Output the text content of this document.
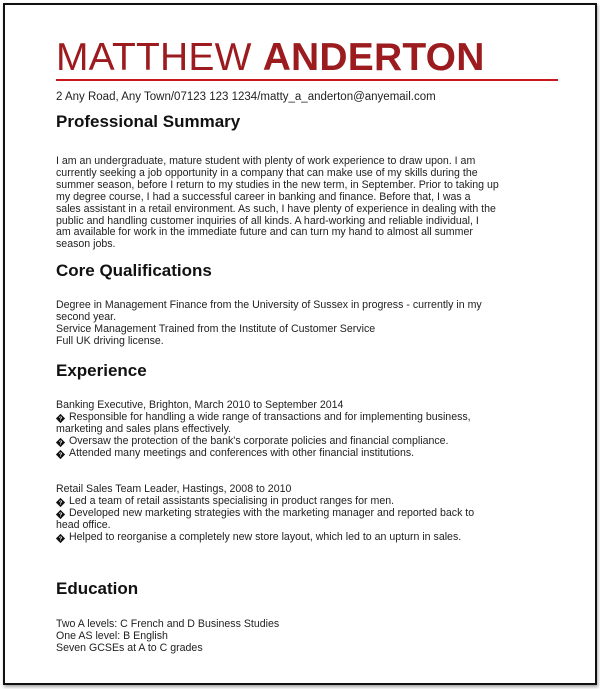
MATTHEW ANDERTON
2 Any Road, Any Town/07123 123 1234/matty_a_anderton@anyemail.com
Professional Summary
I am an undergraduate, mature student with plenty of work experience to draw upon. I am
currently seeking a job opportunity in a company that can make use of my skills during the
summer season, before I return to my studies in the new term, in September. Prior to taking up
my degree course, I had a successful career in banking and finance. Before that, I was a
sales assistant in a retail environment. As such, I have plenty of experience in dealing with the
public and handling customer inquiries of all kinds. A hard-working and reliable individual, I
am available for work in the immediate future and can turn my hand to almost all summer
season jobs.
Core Qualifications
Degree in Management Finance from the University of Sussex in progress - currently in my
second year.
Service Management Trained from the Institute of Customer Service
Full UK driving license.
Experience
Banking Executive, Brighton, March 2010 to September 2014
? Responsible for handling a wide range of transactions and for implementing business,
marketing and sales plans effectively.
? Oversaw the protection of the bank's corporate policies and financial compliance.
? Attended many meetings and conferences with other financial institutions.
Retail Sales Team Leader, Hastings, 2008 to 2010
? Led a team of retail assistants specialising in product ranges for men.
? Developed new marketing strategies with the marketing manager and reported back to
head office.
? Helped to reorganise a completely new store layout, which led to an upturn in sales.
Education
Two A levels: C French and D Business Studies
One AS level: B English
Seven GCSEs at A to C grades
